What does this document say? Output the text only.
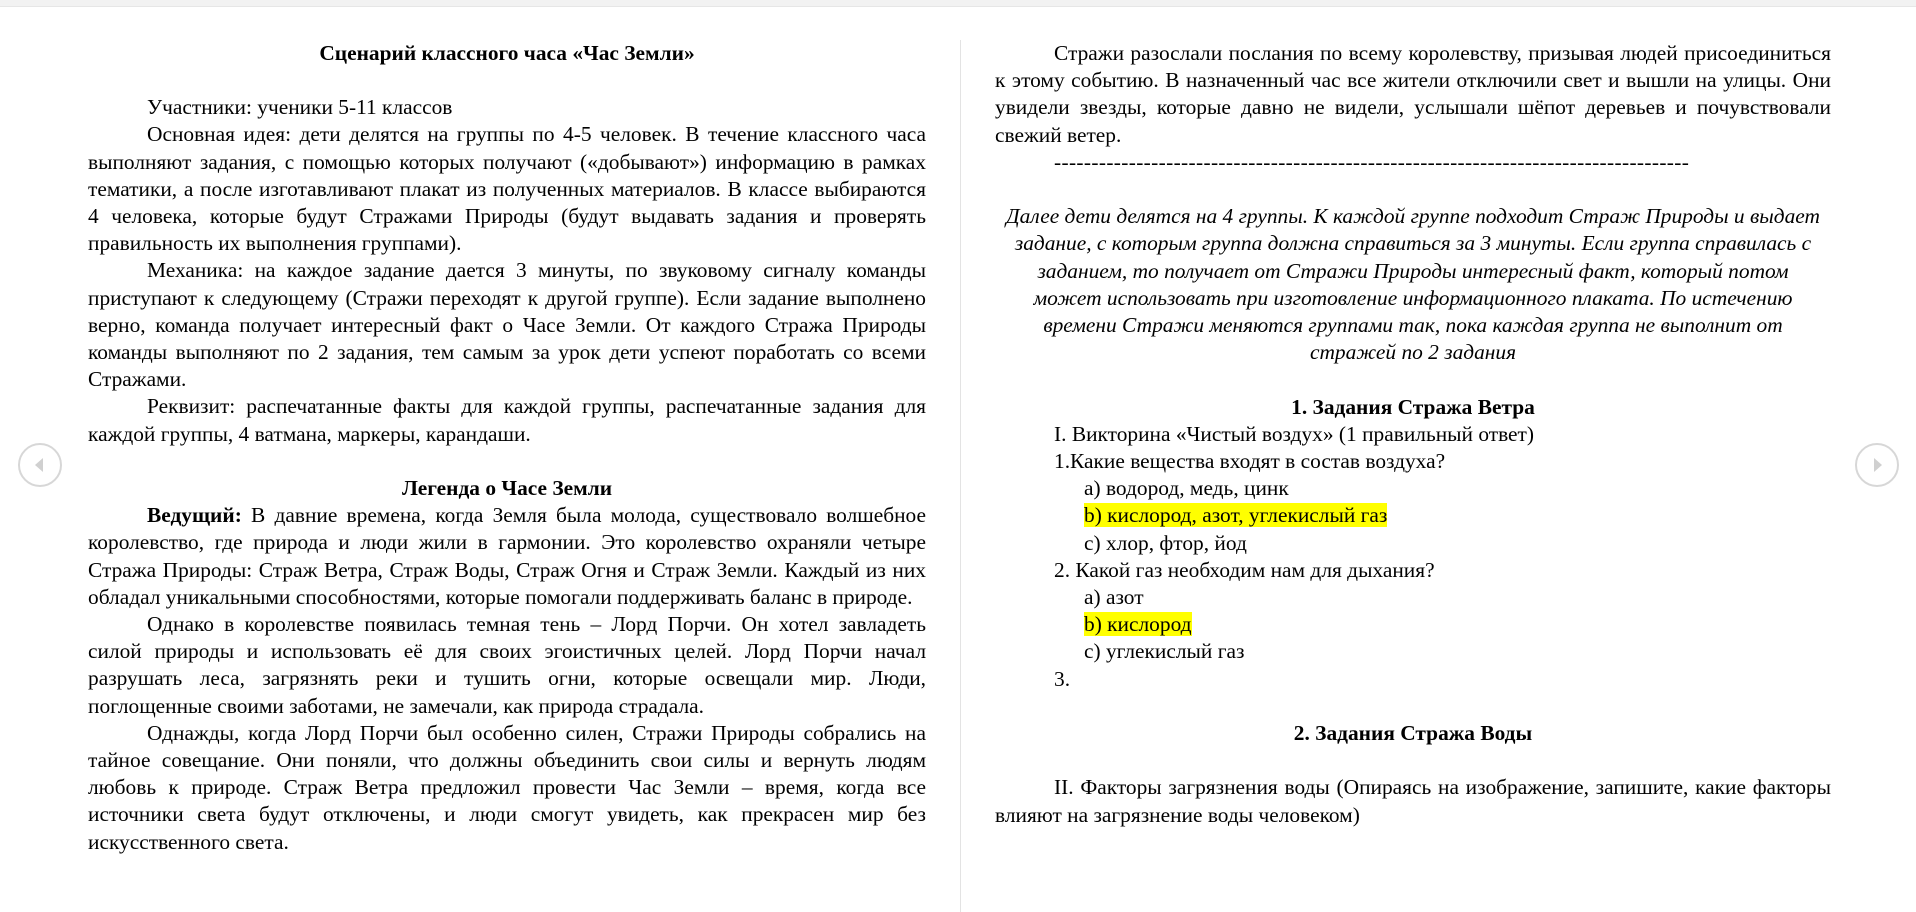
Сценарий классного часа «Час Земли»

Участники: ученики 5-11 классов

Основная идея: дети делятся на группы по 4-5 человек. В течение классного часа выполняют задания, с помощью которых получают («добывают») информацию в рамках тематики, а после изготавливают плакат из полученных материалов. В классе выбираются 4 человека, которые будут Стражами Природы (будут выдавать задания и проверять правильность их выполнения группами).

Механика: на каждое задание дается 3 минуты, по звуковому сигналу команды приступают к следующему (Стражи переходят к другой группе). Если задание выполнено верно, команда получает интересный факт о Часе Земли. От каждого Стража Природы команды выполняют по 2 задания, тем самым за урок дети успеют поработать со всеми Стражами.

Реквизит: распечатанные факты для каждой группы, распечатанные задания для каждой группы, 4 ватмана, маркеры, карандаши.

Легенда о Часе Земли

Ведущий: В давние времена, когда Земля была молода, существовало волшебное королевство, где природа и люди жили в гармонии. Это королевство охраняли четыре Стража Природы: Страж Ветра, Страж Воды, Страж Огня и Страж Земли. Каждый из них обладал уникальными способностями, которые помогали поддерживать баланс в природе.

Однако в королевстве появилась темная тень – Лорд Порчи. Он хотел завладеть силой природы и использовать её для своих эгоистичных целей. Лорд Порчи начал разрушать леса, загрязнять реки и тушить огни, которые освещали мир. Люди, поглощенные своими заботами, не замечали, как природа страдала.

Однажды, когда Лорд Порчи был особенно силен, Стражи Природы собрались на тайное совещание. Они поняли, что должны объединить свои силы и вернуть людям любовь к природе. Страж Ветра предложил провести Час Земли – время, когда все источники света будут отключены, и люди смогут увидеть, как прекрасен мир без искусственного света.

Стражи разослали послания по всему королевству, призывая людей присоединиться к этому событию. В назначенный час все жители отключили свет и вышли на улицы. Они увидели звезды, которые давно не видели, услышали шёпот деревьев и почувствовали свежий ветер.

-------------------------------------------------------------------------------------

Далее дети делятся на 4 группы. К каждой группе подходит Страж Природы и выдает задание, с которым группа должна справиться за 3 минуты. Если группа справилась с заданием, то получает от Стражи Природы интересный факт, который потом может использовать при изготовление информационного плаката. По истечению времени Стражи меняются группами так, пока каждая группа не выполнит от стражей по 2 задания

1. Задания Стража Ветра

I. Викторина «Чистый воздух» (1 правильный ответ)

1.Какие вещества входят в состав воздуха?

a) водород, медь, цинк

b) кислород, азот, углекислый газ

c) хлор, фтор, йод

2. Какой газ необходим нам для дыхания?

a) азот

b) кислород

c) углекислый газ

3.

2. Задания Стража Воды

II. Факторы загрязнения воды (Опираясь на изображение, запишите, какие факторы влияют на загрязнение воды человеком)
